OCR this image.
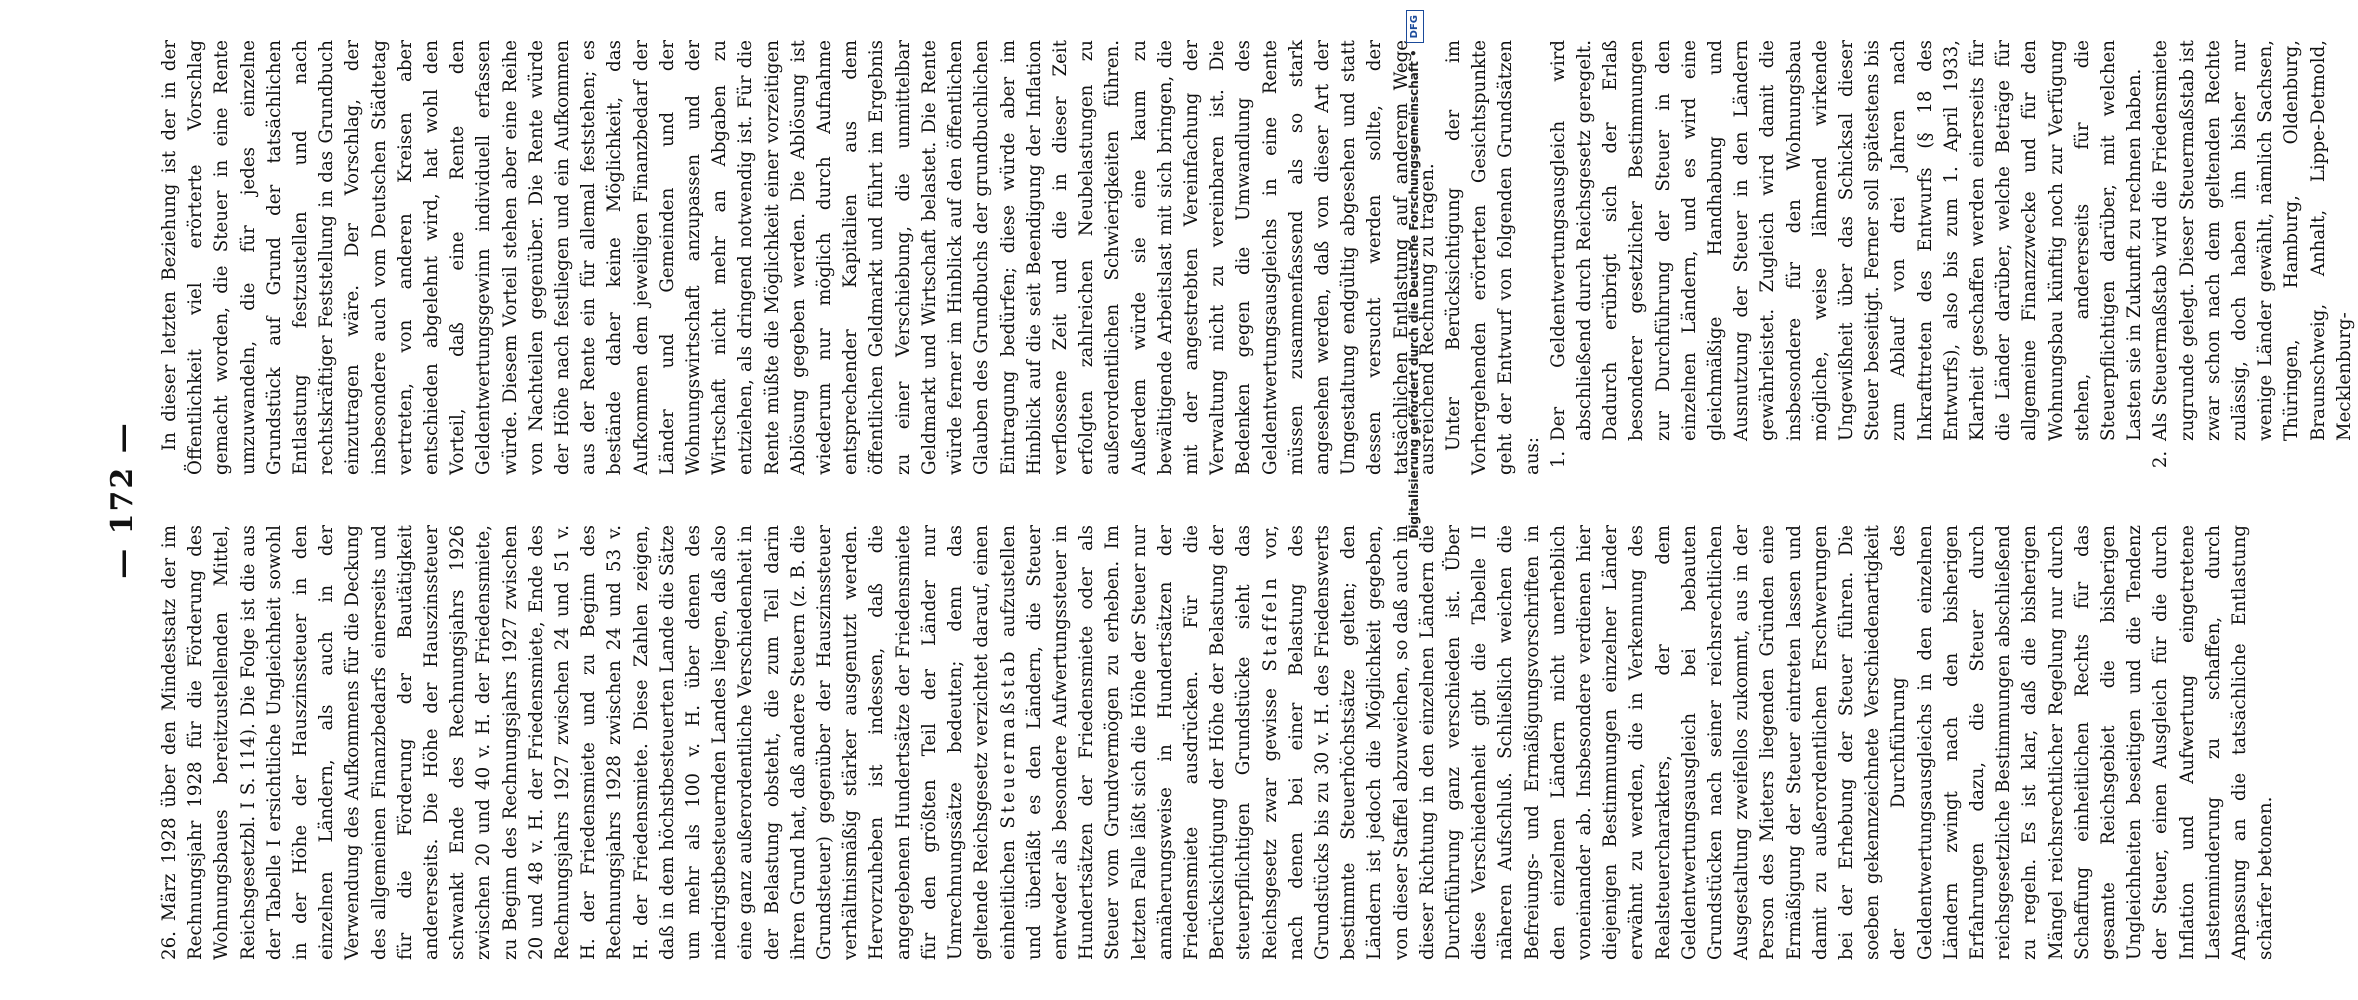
— 172 —

26. März 1928 über den Mindestsatz der im Rechnungsjahr 1928 für die Förderung des Wohnungsbaues bereitzustellenden Mittel, Reichsgesetzbl. I S. 114). Die Folge ist die aus der Tabelle I ersichtliche Ungleichheit sowohl in der Höhe der Hauszinssteuer in den einzelnen Ländern, als auch in der Verwendung des Aufkommens für die Deckung des allgemeinen Finanzbedarfs einerseits und für die Förderung der Bautätigkeit andererseits. Die Höhe der Hauszinssteuer schwankt Ende des Rechnungsjahrs 1926 zwischen 20 und 40 v. H. der Friedensmiete, zu Beginn des Rechnungsjahrs 1927 zwischen 20 und 48 v. H. der Friedensmiete, Ende des Rechnungsjahrs 1927 zwischen 24 und 51 v. H. der Friedensmiete und zu Beginn des Rechnungsjahrs 1928 zwischen 24 und 53 v. H. der Friedensmiete. Diese Zahlen zeigen, daß in dem höchstbesteuerten Lande die Sätze um mehr als 100 v. H. über denen des niedrigstbesteuernden Landes liegen, daß also eine ganz außerordentliche Verschiedenheit in der Belastung obsteht, die zum Teil darin ihren Grund hat, daß andere Steuern (z. B. die Grundsteuer) gegenüber der Hauszinssteuer verhältnismäßig stärker ausgenutzt werden. Hervorzuheben ist indessen, daß die angegebenen Hundertsätze der Friedensmiete für den größten Teil der Länder nur Umrechnungssätze bedeuten; denn das geltende Reichsgesetz verzichtet darauf, einen einheitlichen Steuermaßstab aufzustellen und überläßt es den Ländern, die Steuer entweder als besondere Aufwertungssteuer in Hundertsätzen der Friedensmiete oder als Steuer vom Grundvermögen zu erheben. Im letzten Falle läßt sich die Höhe der Steuer nur annäherungsweise in Hundertsätzen der Friedensmiete ausdrücken. Für die Berücksichtigung der Höhe der Belastung der steuerpflichtigen Grundstücke sieht das Reichsgesetz zwar gewisse Staffeln vor, nach denen bei einer Belastung des Grundstücks bis zu 30 v. H. des Friedenswerts bestimmte Steuerhöchstsätze gelten; den Ländern ist jedoch die Möglichkeit gegeben, von dieser Staffel abzuweichen, so daß auch in dieser Richtung in den einzelnen Ländern die Durchführung ganz verschieden ist. Über diese Verschiedenheit gibt die Tabelle II näheren Aufschluß. Schließlich weichen die Befreiungs- und Ermäßigungsvorschriften in den einzelnen Ländern nicht unerheblich voneinander ab. Insbesondere verdienen hier diejenigen Bestimmungen einzelner Länder erwähnt zu werden, die in Verkennung des Realsteuercharakters, der dem Geldentwertungsausgleich bei bebauten Grundstücken nach seiner reichsrechtlichen Ausgestaltung zweifellos zukommt, aus in der Person des Mieters liegenden Gründen eine Ermäßigung der Steuer eintreten lassen und damit zu außerordentlichen Erschwerungen bei der Erhebung der Steuer führen. Die soeben gekennzeichnete Verschiedenartigkeit der Durchführung des Geldentwertungsausgleichs in den einzelnen Ländern zwingt nach den bisherigen Erfahrungen dazu, die Steuer durch reichsgesetzliche Bestimmungen abschließend zu regeln. Es ist klar, daß die bisherigen Mängel reichsrechtlicher Regelung nur durch Schaffung einheitlichen Rechts für das gesamte Reichsgebiet die bisherigen Ungleichheiten beseitigen und die Tendenz der Steuer, einen Ausgleich für die durch Inflation und Aufwertung eingetretene Lastenminderung zu schaffen, durch Anpassung an die tatsächliche Entlastung schärfer betonen.

In dieser letzten Beziehung ist der in der Öffentlichkeit viel erörterte Vorschlag gemacht worden, die Steuer in eine Rente umzuwandeln, die für jedes einzelne Grundstück auf Grund der tatsächlichen Entlastung festzustellen und nach rechtskräftiger Feststellung in das Grundbuch einzutragen wäre. Der Vorschlag, der insbesondere auch vom Deutschen Städtetag vertreten, von anderen Kreisen aber entschieden abgelehnt wird, hat wohl den Vorteil, daß eine Rente den Geldentwertungsgewinn individuell erfassen würde. Diesem Vorteil stehen aber eine Reihe von Nachteilen gegenüber. Die Rente würde der Höhe nach festliegen und ein Aufkommen aus der Rente ein für allemal feststehen; es bestände daher keine Möglichkeit, das Aufkommen dem jeweiligen Finanzbedarf der Länder und Gemeinden und der Wohnungswirtschaft anzupassen und der Wirtschaft nicht mehr an Abgaben zu entziehen, als dringend notwendig ist. Für die Rente müßte die Möglichkeit einer vorzeitigen Ablösung gegeben werden. Die Ablösung ist wiederum nur möglich durch Aufnahme entsprechender Kapitalien aus dem öffentlichen Geldmarkt und führt im Ergebnis zu einer Verschiebung, die unmittelbar Geldmarkt und Wirtschaft belastet. Die Rente würde ferner im Hinblick auf den öffentlichen Glauben des Grundbuchs der grundbuchlichen Eintragung bedürfen; diese würde aber im Hinblick auf die seit Beendigung der Inflation verflossene Zeit und die in dieser Zeit erfolgten zahlreichen Neubelastungen zu außerordentlichen Schwierigkeiten führen. Außerdem würde sie eine kaum zu bewältigende Arbeitslast mit sich bringen, die mit der angestrebten Vereinfachung der Verwaltung nicht zu vereinbaren ist. Die Bedenken gegen die Umwandlung des Geldentwertungsausgleichs in eine Rente müssen zusammenfassend als so stark angesehen werden, daß von dieser Art der Umgestaltung endgültig abgesehen und statt dessen versucht werden sollte, der tatsächlichen Entlastung auf anderem Wege ausreichend Rechnung zu tragen. Unter Berücksichtigung der im Vorhergehenden erörterten Gesichtspunkte geht der Entwurf von folgenden Grundsätzen aus:

1. Der Geldentwertungsausgleich wird abschließend durch Reichsgesetz geregelt. Dadurch erübrigt sich der Erlaß besonderer gesetzlicher Bestimmungen zur Durchführung der Steuer in den einzelnen Ländern, und es wird eine gleichmäßige Handhabung und Ausnutzung der Steuer in den Ländern gewährleistet. Zugleich wird damit die insbesondere für den Wohnungsbau mögliche, weise lähmend wirkende Ungewißheit über das Schicksal dieser Steuer beseitigt. Ferner soll spätestens bis zum Ablauf von drei Jahren nach Inkrafttreten des Entwurfs (§ 18 des Entwurfs), also bis zum 1. April 1933, Klarheit geschaffen werden einerseits für die Länder darüber, welche Beträge für allgemeine Finanzzwecke und für den Wohnungsbau künftig noch zur Verfügung stehen, andererseits für die Steuerpflichtigen darüber, mit welchen Lasten sie in Zukunft zu rechnen haben.
2. Als Steuermaßstab wird die Friedensmiete zugrunde gelegt. Dieser Steuermaßstab ist zwar schon nach dem geltenden Rechte zulässig, doch haben ihn bisher nur wenige Länder gewählt, nämlich Sachsen, Thüringen, Hamburg, Oldenburg, Braunschweig, Anhalt, Lippe-Detmold, Mecklenburg-
Digitalisierung gefördert durch die Deutsche Forschungsgemeinschaft •DFG
